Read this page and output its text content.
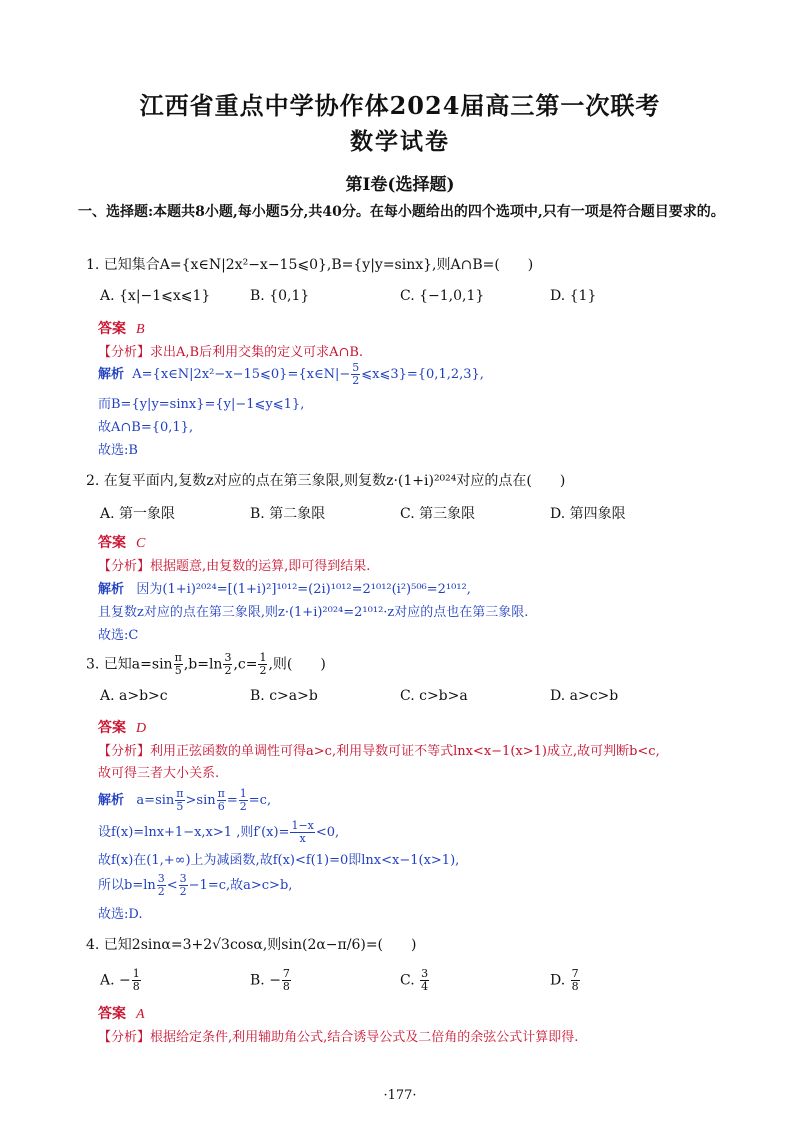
江西省重点中学协作体2024届高三第一次联考
数学试卷
第Ⅰ卷(选择题)
一、选择题:本题共8小题,每小题5分,共40分。在每小题给出的四个选项中,只有一项是符合题目要求的。
1. 已知集合A={x∈N|2x²−x−15⩽0},B={y|y=sinx},则A∩B=(　　)
A. {x|−1⩽x⩽1}	B. {0,1}	C. {−1,0,1}	D. {1}
答案 B
【分析】求出A,B后利用交集的定义可求A∩B.
解析 A={x∈N|2x²−x−15⩽0}={x∈N|− $\frac{5}{2}$ ⩽x⩽3}={0,1,2,3},
而B={y|y=sinx}={y|−1⩽y⩽1},
故A∩B={0,1},
故选:B
2. 在复平面内,复数z对应的点在第三象限,则复数z·(1+i)²⁰²⁴对应的点在(　　)
A. 第一象限	B. 第二象限	C. 第三象限	D. 第四象限
答案 C
【分析】根据题意,由复数的运算,即可得到结果.
解析 因为(1+i)²⁰²⁴=[(1+i)²]¹⁰¹²=(2i)¹⁰¹²=2¹⁰¹²(i²)⁵⁰⁶=2¹⁰¹²,
且复数z对应的点在第三象限,则z·(1+i)²⁰²⁴=2¹⁰¹²·z对应的点也在第三象限.
故选:C
3. 已知$a=\sin \frac{\pi}{5} ,b=\ln \frac{3}{2} ,c= \frac{1}{2}$ ,则(　　)
A. a>b>c	B. c>a>b	C. c>b>a	D. a>c>b
答案 D
【分析】利用正弦函数的单调性可得a>c,利用导数可证不等式lnx<x−1(x>1)成立,故可判断b<c,
故可得三者大小关系.
解析 $a=\sin \frac{\pi}{5} >\sin \frac{\pi}{6} = \frac{1}{2} =c$,
设f(x)=lnx+1−x,x>1 ,则$f'(x)= \frac{1-x}{x} <0$,
故f(x)在(1,+∞)上为减函数,故f(x)<f(1)=0即lnx<x−1(x>1),
所以$b=\ln \frac{3}{2} < \frac{3}{2} -1=c$,故a>c>b,
故选:D.
4. 已知2sinα=3+2√3cosα,则sin(2α−π/6)=(　　)
A. − $\frac{1}{8}$	B. − $\frac{7}{8}$	C. $\frac{3}{4}$	D. $\frac{7}{8}$
答案 A
【分析】根据给定条件,利用辅助角公式,结合诱导公式及二倍角的余弦公式计算即得.
·177·
